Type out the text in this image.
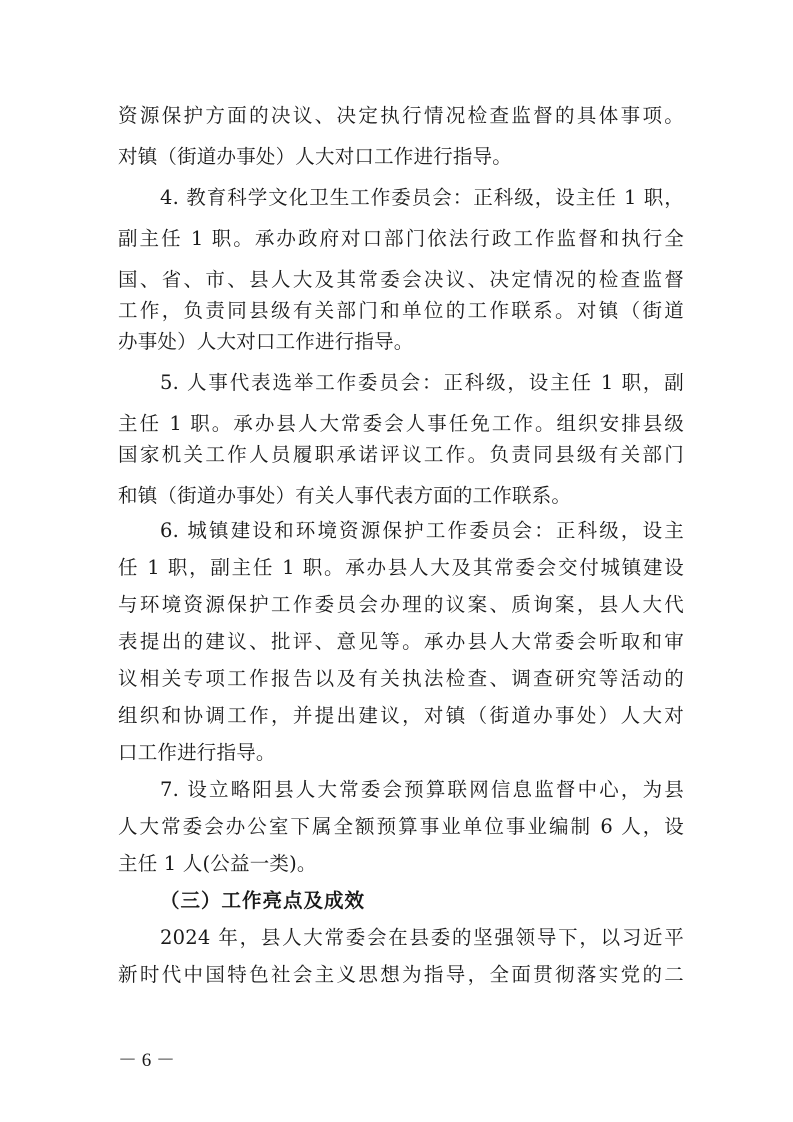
资源保护方面的决议、决定执行情况检查监督的具体事项。
对镇（街道办事处）人大对口工作进行指导。
4. 教育科学文化卫生工作委员会：正科级，设主任 1 职，
副主任 1 职。承办政府对口部门依法行政工作监督和执行全
国、省、市、县人大及其常委会决议、决定情况的检查监督
工作，负责同县级有关部门和单位的工作联系。对镇（街道
办事处）人大对口工作进行指导。
5. 人事代表选举工作委员会：正科级，设主任 1 职，副
主任 1 职。承办县人大常委会人事任免工作。组织安排县级
国家机关工作人员履职承诺评议工作。负责同县级有关部门
和镇（街道办事处）有关人事代表方面的工作联系。
6. 城镇建设和环境资源保护工作委员会：正科级，设主
任 1 职，副主任 1 职。承办县人大及其常委会交付城镇建设
与环境资源保护工作委员会办理的议案、质询案，县人大代
表提出的建议、批评、意见等。承办县人大常委会听取和审
议相关专项工作报告以及有关执法检查、调查研究等活动的
组织和协调工作，并提出建议，对镇（街道办事处）人大对
口工作进行指导。
7. 设立略阳县人大常委会预算联网信息监督中心，为县
人大常委会办公室下属全额预算事业单位事业编制 6 人，设
主任 1 人(公益一类)。
（三）工作亮点及成效
2024 年，县人大常委会在县委的坚强领导下，以习近平
新时代中国特色社会主义思想为指导，全面贯彻落实党的二
－ 6 －
